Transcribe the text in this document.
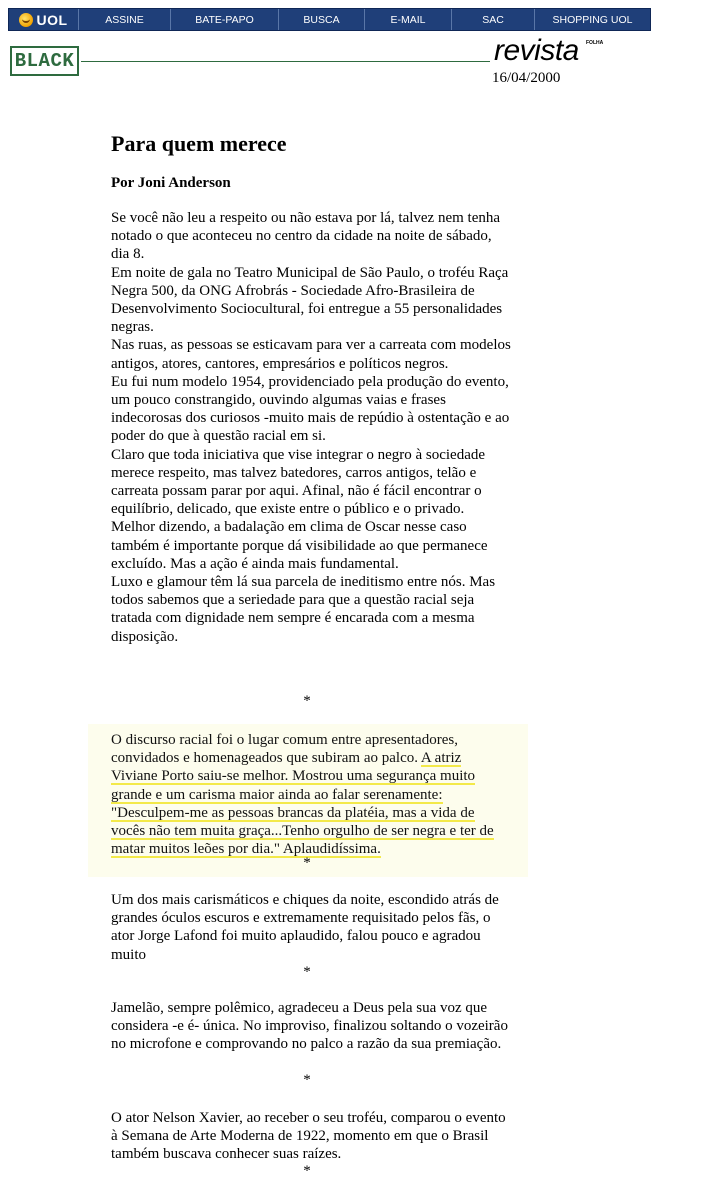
UOL	ASSINE	BATE-PAPO	BUSCA	E-MAIL	SAC	SHOPPING UOL
BLACK	revista FOLHA
16/04/2000
Para quem merece

Por Joni Anderson

Se você não leu a respeito ou não estava por lá, talvez nem tenha notado o que aconteceu no centro da cidade na noite de sábado, dia 8.
Em noite de gala no Teatro Municipal de São Paulo, o troféu Raça Negra 500, da ONG Afrobrás - Sociedade Afro-Brasileira de Desenvolvimento Sociocultural, foi entregue a 55 personalidades negras.
Nas ruas, as pessoas se esticavam para ver a carreata com modelos antigos, atores, cantores, empresários e políticos negros.
Eu fui num modelo 1954, providenciado pela produção do evento, um pouco constrangido, ouvindo algumas vaias e frases indecorosas dos curiosos -muito mais de repúdio à ostentação e ao poder do que à questão racial em si.
Claro que toda iniciativa que vise integrar o negro à sociedade merece respeito, mas talvez batedores, carros antigos, telão e carreata possam parar por aqui. Afinal, não é fácil encontrar o equilíbrio, delicado, que existe entre o público e o privado. Melhor dizendo, a badalação em clima de Oscar nesse caso também é importante porque dá visibilidade ao que permanece excluído. Mas a ação é ainda mais fundamental.
Luxo e glamour têm lá sua parcela de ineditismo entre nós. Mas todos sabemos que a seriedade para que a questão racial seja tratada com dignidade nem sempre é encarada com a mesma disposição.

*

O discurso racial foi o lugar comum entre apresentadores, convidados e homenageados que subiram ao palco. A atriz Viviane Porto saiu-se melhor. Mostrou uma segurança muito grande e um carisma maior ainda ao falar serenamente: "Desculpem-me as pessoas brancas da platéia, mas a vida de vocês não tem muita graça...Tenho orgulho de ser negra e ter de matar muitos leões por dia." Aplaudidíssima.

*

Um dos mais carismáticos e chiques da noite, escondido atrás de grandes óculos escuros e extremamente requisitado pelos fãs, o ator Jorge Lafond foi muito aplaudido, falou pouco e agradou muito

*

Jamelão, sempre polêmico, agradeceu a Deus pela sua voz que considera -e é- única. No improviso, finalizou soltando o vozeirão no microfone e comprovando no palco a razão da sua premiação.

*

O ator Nelson Xavier, ao receber o seu troféu, comparou o evento à Semana de Arte Moderna de 1922, momento em que o Brasil também buscava conhecer suas raízes.

*
